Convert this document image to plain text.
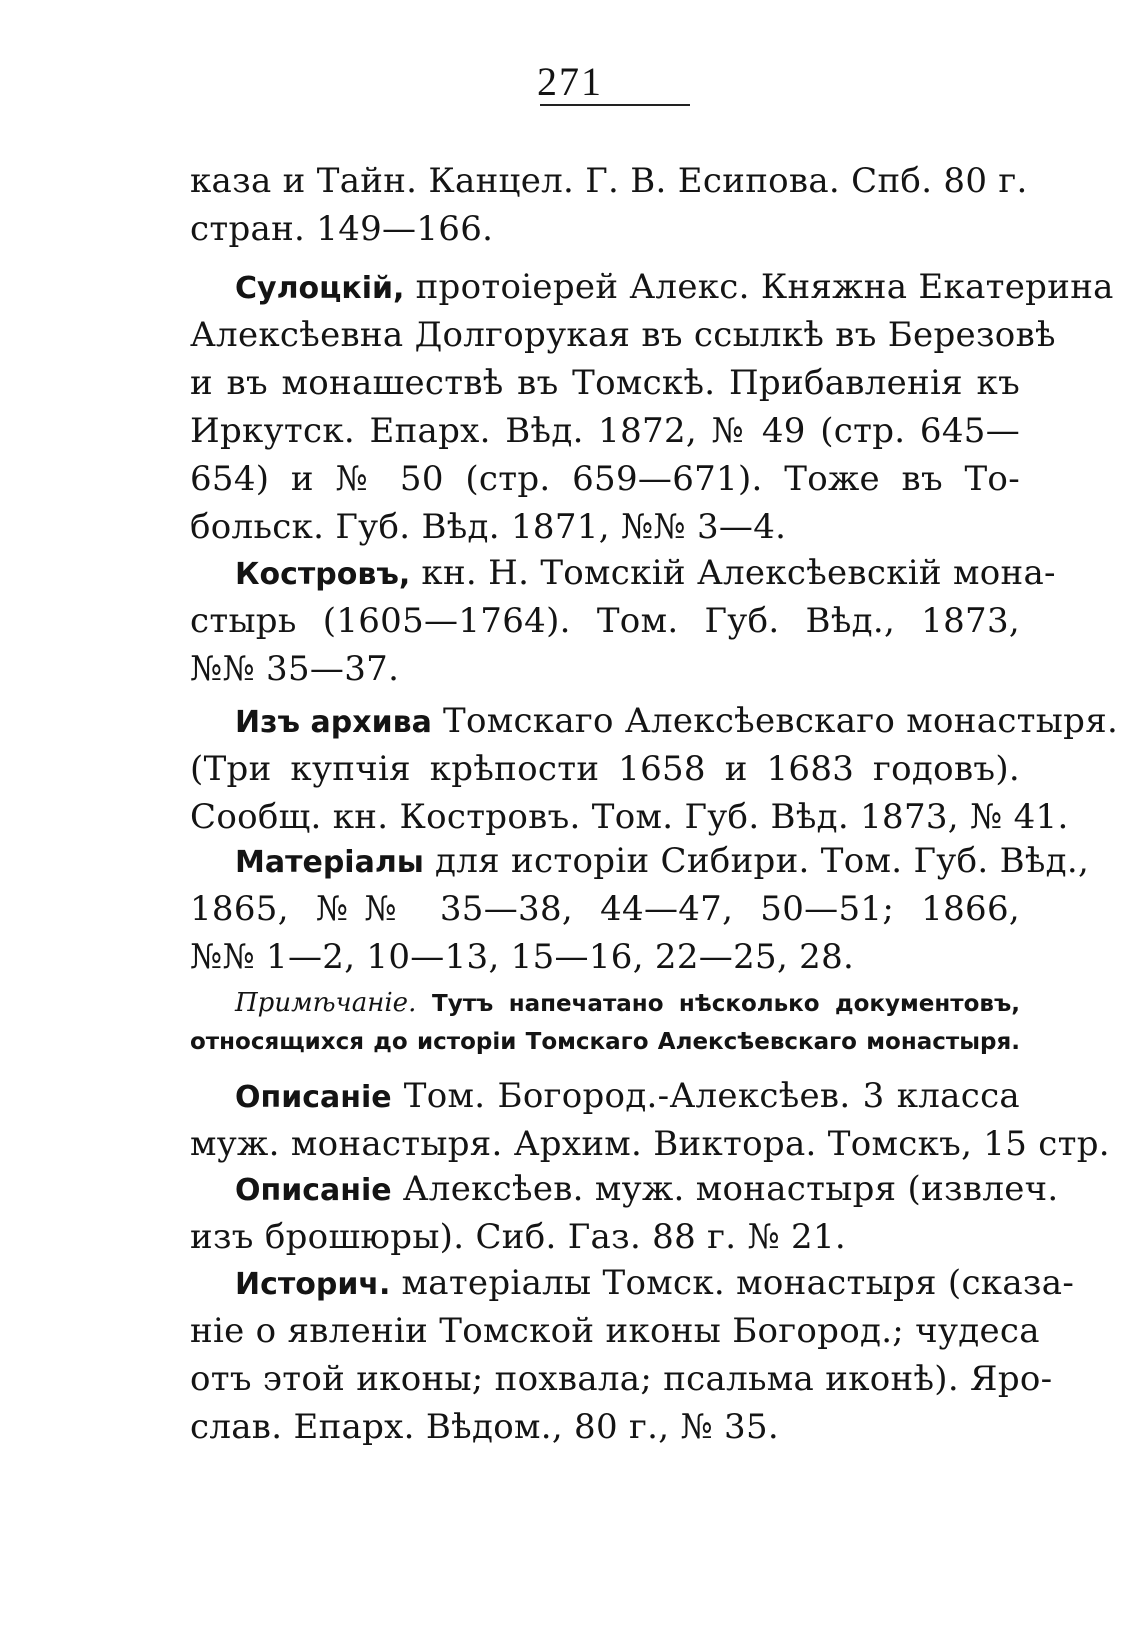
271
каза и Тайн. Канцел. Г. В. Есипова. Спб. 80 г.
стран. 149—166.
Сулоцкій, протоіерей Алекс. Княжна Екатерина
Алексѣевна Долгорукая въ ссылкѣ въ Березовѣ
и въ монашествѣ въ Томскѣ. Прибавленія къ
Иркутск. Епарх. Вѣд. 1872, № 49 (стр. 645—
654) и № 50 (стр. 659—671). Тоже въ То-
больск. Губ. Вѣд. 1871, №№ 3—4.
Костровъ, кн. Н. Томскій Алексѣевскій мона-
стырь (1605—1764). Том. Губ. Вѣд., 1873,
№№ 35—37.
Изъ архива Томскаго Алексѣевскаго монастыря.
(Три купчія крѣпости 1658 и 1683 годовъ).
Сообщ. кн. Костровъ. Том. Губ. Вѣд. 1873, № 41.
Матеріалы для исторіи Сибири. Том. Губ. Вѣд.,
1865, №№ 35—38, 44—47, 50—51; 1866,
№№ 1—2, 10—13, 15—16, 22—25, 28.
Примѣчаніе. Тутъ напечатано нѣсколько документовъ,
относящихся до исторіи Томскаго Алексѣевскаго монастыря.
Описаніе Том. Богород.-Алексѣев. 3 класса
муж. монастыря. Архим. Виктора. Томскъ, 15 стр.
Описаніе Алексѣев. муж. монастыря (извлеч.
изъ брошюры). Сиб. Газ. 88 г. № 21.
Историч. матеріалы Томск. монастыря (сказа-
ніе о явленіи Томской иконы Богород.; чудеса
отъ этой иконы; похвала; псальма иконѣ). Яро-
слав. Епарх. Вѣдом., 80 г., № 35.
